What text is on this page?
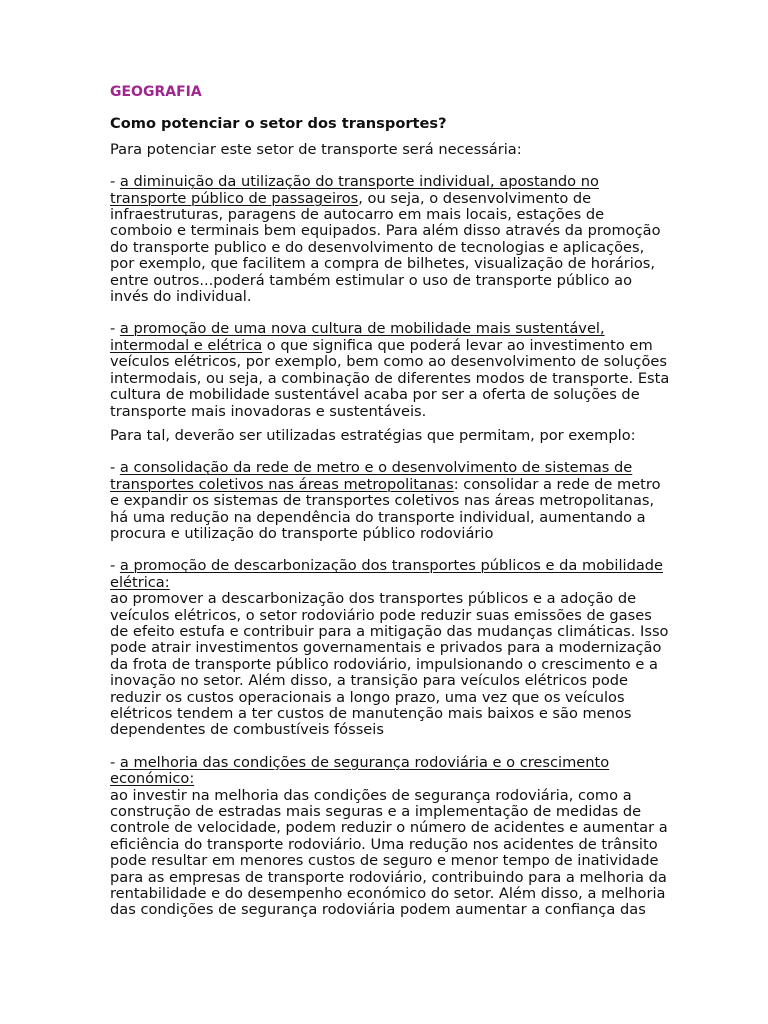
GEOGRAFIA
Como potenciar o setor dos transportes?

Para potenciar este setor de transporte será necessária:

- a diminuição da utilização do transporte individual, apostando no transporte público de passageiros, ou seja, o desenvolvimento de infraestruturas, paragens de autocarro em mais locais, estações de comboio e terminais bem equipados. Para além disso através da promoção do transporte publico e do desenvolvimento de tecnologias e aplicações, por exemplo, que facilitem a compra de bilhetes, visualização de horários, entre outros...poderá também estimular o uso de transporte público ao invés do individual.

- a promoção de uma nova cultura de mobilidade mais sustentável, intermodal e elétrica o que significa que poderá levar ao investimento em veículos elétricos, por exemplo, bem como ao desenvolvimento de soluções intermodais, ou seja, a combinação de diferentes modos de transporte. Esta cultura de mobilidade sustentável acaba por ser a oferta de soluções de transporte mais inovadoras e sustentáveis.

Para tal, deverão ser utilizadas estratégias que permitam, por exemplo:

- a consolidação da rede de metro e o desenvolvimento de sistemas de transportes coletivos nas áreas metropolitanas: consolidar a rede de metro e expandir os sistemas de transportes coletivos nas áreas metropolitanas, há uma redução na dependência do transporte individual, aumentando a procura e utilização do transporte público rodoviário

- a promoção de descarbonização dos transportes públicos e da mobilidade elétrica:

ao promover a descarbonização dos transportes públicos e a adoção de veículos elétricos, o setor rodoviário pode reduzir suas emissões de gases de efeito estufa e contribuir para a mitigação das mudanças climáticas. Isso pode atrair investimentos governamentais e privados para a modernização da frota de transporte público rodoviário, impulsionando o crescimento e a inovação no setor. Além disso, a transição para veículos elétricos pode reduzir os custos operacionais a longo prazo, uma vez que os veículos elétricos tendem a ter custos de manutenção mais baixos e são menos dependentes de combustíveis fósseis

- a melhoria das condições de segurança rodoviária e o crescimento económico:

ao investir na melhoria das condições de segurança rodoviária, como a construção de estradas mais seguras e a implementação de medidas de controle de velocidade, podem reduzir o número de acidentes e aumentar a eficiência do transporte rodoviário. Uma redução nos acidentes de trânsito pode resultar em menores custos de seguro e menor tempo de inatividade para as empresas de transporte rodoviário, contribuindo para a melhoria da rentabilidade e do desempenho económico do setor. Além disso, a melhoria das condições de segurança rodoviária podem aumentar a confiança das
